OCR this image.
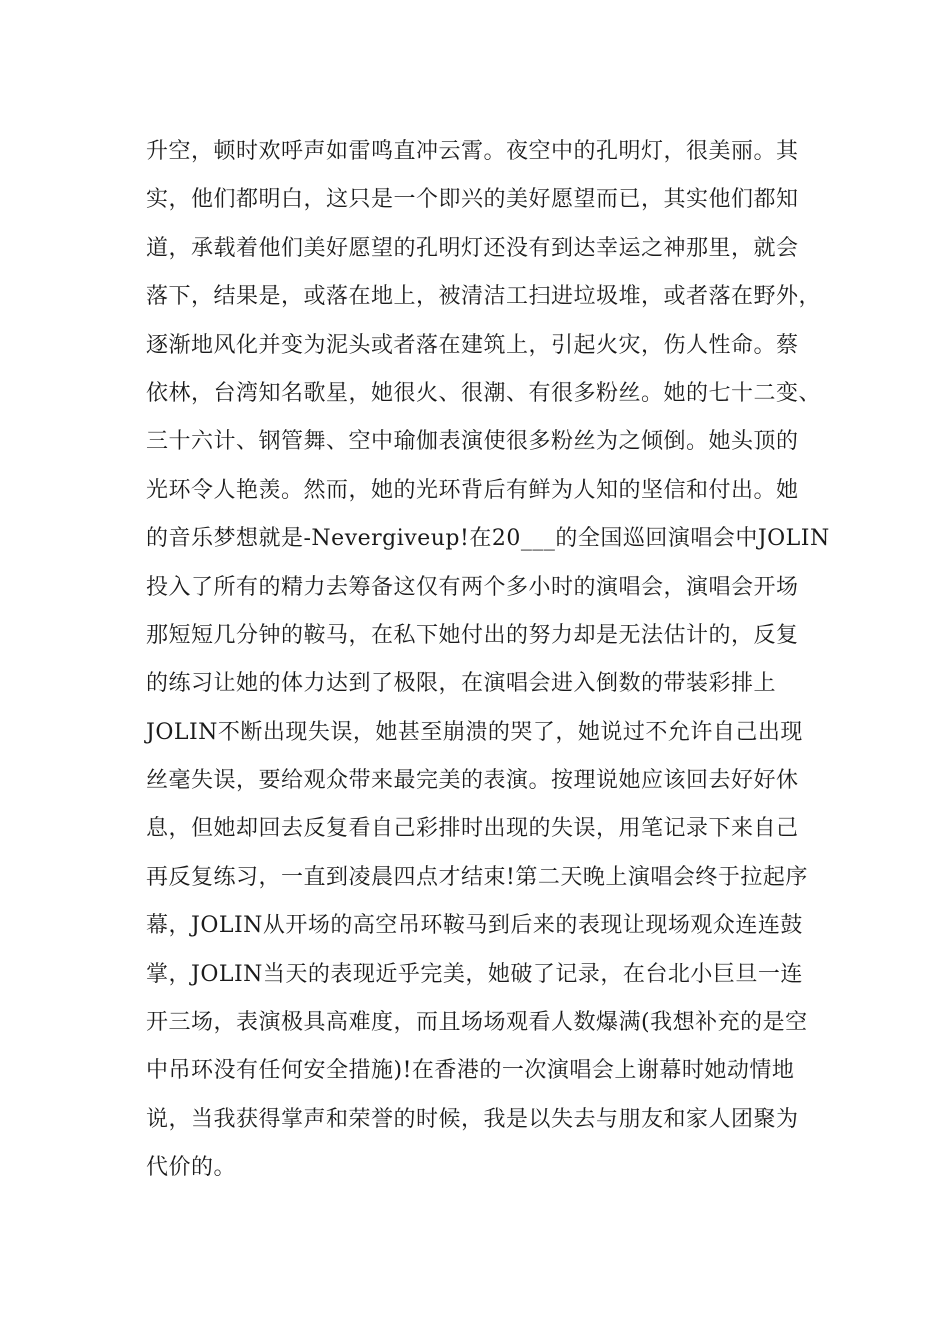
升空，顿时欢呼声如雷鸣直冲云霄。夜空中的孔明灯，很美丽。其
实，他们都明白，这只是一个即兴的美好愿望而已，其实他们都知
道，承载着他们美好愿望的孔明灯还没有到达幸运之神那里，就会
落下，结果是，或落在地上，被清洁工扫进垃圾堆，或者落在野外，
逐渐地风化并变为泥头或者落在建筑上，引起火灾，伤人性命。蔡
依林，台湾知名歌星，她很火、很潮、有很多粉丝。她的七十二变、
三十六计、钢管舞、空中瑜伽表演使很多粉丝为之倾倒。她头顶的
光环令人艳羡。然而，她的光环背后有鲜为人知的坚信和付出。她
的音乐梦想就是-Nevergiveup!在20___的全国巡回演唱会中JOLIN
投入了所有的精力去筹备这仅有两个多小时的演唱会，演唱会开场
那短短几分钟的鞍马，在私下她付出的努力却是无法估计的，反复
的练习让她的体力达到了极限，在演唱会进入倒数的带装彩排上
JOLIN不断出现失误，她甚至崩溃的哭了，她说过不允许自己出现
丝毫失误，要给观众带来最完美的表演。按理说她应该回去好好休
息，但她却回去反复看自己彩排时出现的失误，用笔记录下来自己
再反复练习，一直到凌晨四点才结束!第二天晚上演唱会终于拉起序
幕，JOLIN从开场的高空吊环鞍马到后来的表现让现场观众连连鼓
掌，JOLIN当天的表现近乎完美，她破了记录，在台北小巨旦一连
开三场，表演极具高难度，而且场场观看人数爆满(我想补充的是空
中吊环没有任何安全措施)!在香港的一次演唱会上谢幕时她动情地
说，当我获得掌声和荣誉的时候，我是以失去与朋友和家人团聚为
代价的。
